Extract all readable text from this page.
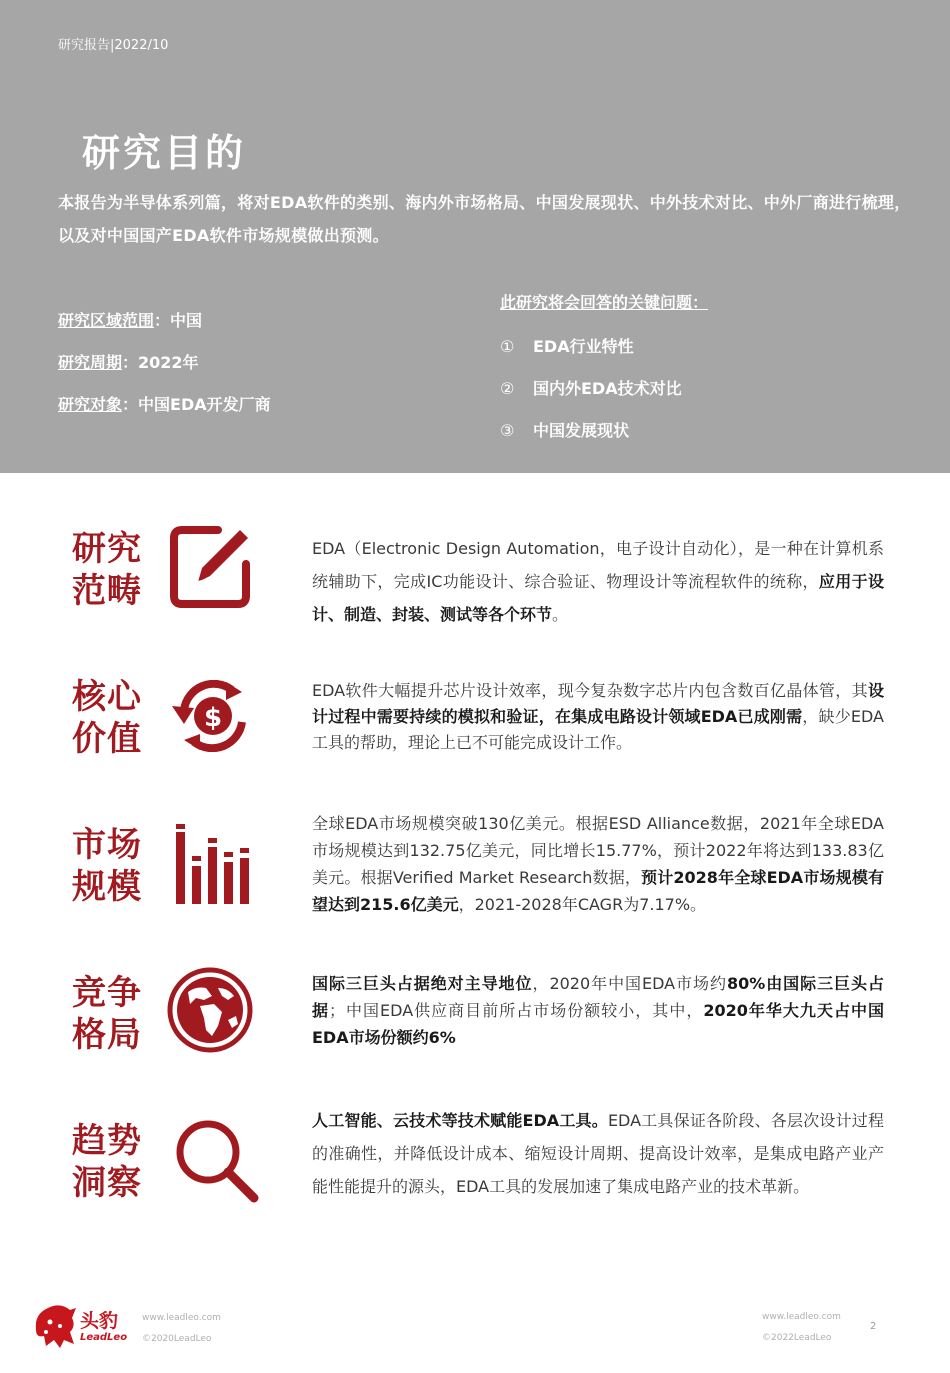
研究报告|2022/10
研究目的
本报告为半导体系列篇，将对EDA软件的类别、海内外市场格局、中国发展现状、中外技术对比、中外厂商进行梳理，以及对中国国产EDA软件市场规模做出预测。
研究区域范围：中国
研究周期：2022年
研究对象：中国EDA开发厂商
此研究将会回答的关键问题：
① EDA行业特性
② 国内外EDA技术对比
③ 中国发展现状
研究
范畴
EDA（Electronic Design Automation，电子设计自动化），是一种在计算机系统辅助下，完成IC功能设计、综合验证、物理设计等流程软件的统称，应用于设计、制造、封装、测试等各个环节。
核心
价值
$
EDA软件大幅提升芯片设计效率，现今复杂数字芯片内包含数百亿晶体管，其设计过程中需要持续的模拟和验证，在集成电路设计领域EDA已成刚需，缺少EDA工具的帮助，理论上已不可能完成设计工作。
市场
规模
全球EDA市场规模突破130亿美元。根据ESD Alliance数据，2021年全球EDA市场规模达到132.75亿美元，同比增长15.77%，预计2022年将达到133.83亿美元。根据Verified Market Research数据，预计2028年全球EDA市场规模有望达到215.6亿美元，2021-2028年CAGR为7.17%。
竞争
格局
国际三巨头占据绝对主导地位，2020年中国EDA市场约80%由国际三巨头占据；中国EDA供应商目前所占市场份额较小，其中，2020年华大九天占中国EDA市场份额约6%
趋势
洞察
人工智能、云技术等技术赋能EDA工具。EDA工具保证各阶段、各层次设计过程的准确性，并降低设计成本、缩短设计周期、提高设计效率，是集成电路产业产能性能提升的源头，EDA工具的发展加速了集成电路产业的技术革新。
头豹
LeadLeo
www.leadleo.com
©2020LeadLeo
www.leadleo.com
©2022LeadLeo
2
